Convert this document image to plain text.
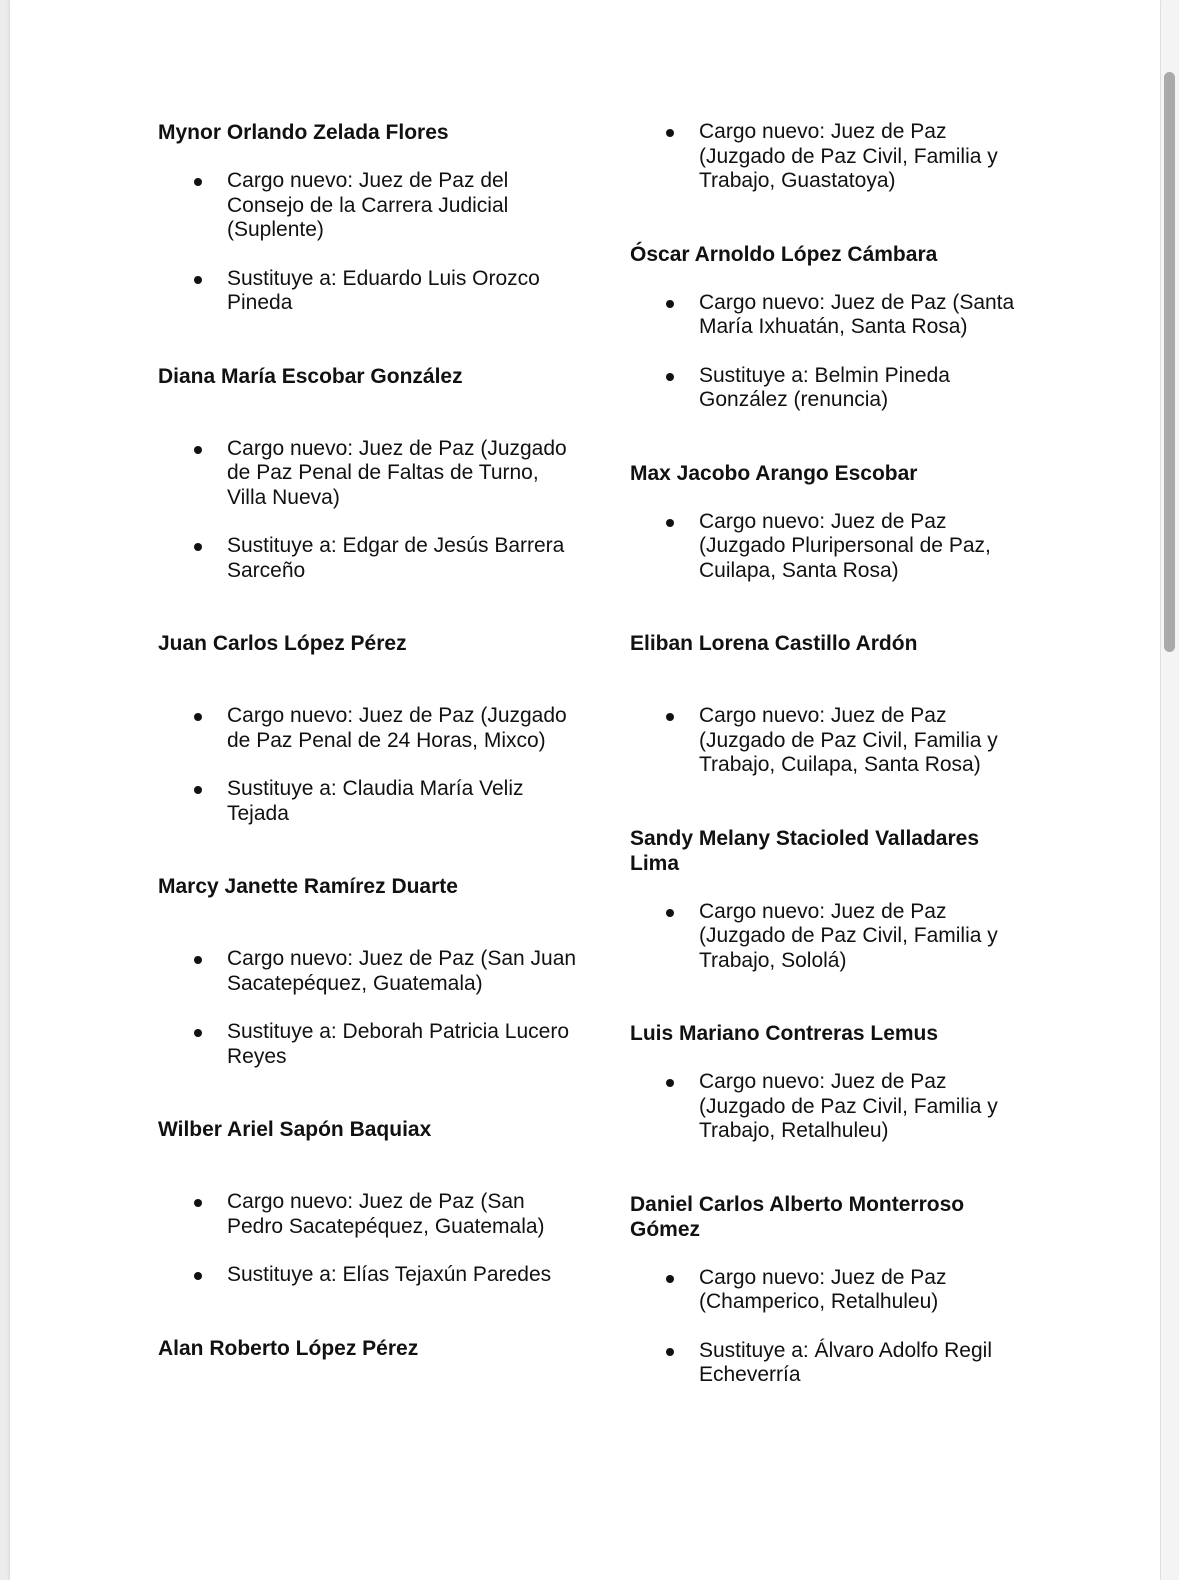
Mynor Orlando Zelada Flores

Cargo nuevo: Juez de Paz del Consejo de la Carrera Judicial (Suplente)
Sustituye a: Eduardo Luis Orozco Pineda

Diana María Escobar González

Cargo nuevo: Juez de Paz (Juzgado de Paz Penal de Faltas de Turno, Villa Nueva)
Sustituye a: Edgar de Jesús Barrera Sarceño

Juan Carlos López Pérez

Cargo nuevo: Juez de Paz (Juzgado de Paz Penal de 24 Horas, Mixco)
Sustituye a: Claudia María Veliz Tejada

Marcy Janette Ramírez Duarte

Cargo nuevo: Juez de Paz (San Juan Sacatepéquez, Guatemala)
Sustituye a: Deborah Patricia Lucero Reyes

Wilber Ariel Sapón Baquiax

Cargo nuevo: Juez de Paz (San Pedro Sacatepéquez, Guatemala)
Sustituye a: Elías Tejaxún Paredes

Alan Roberto López Pérez

Cargo nuevo: Juez de Paz (Juzgado de Paz Civil, Familia y Trabajo, Guastatoya)

Óscar Arnoldo López Cámbara

Cargo nuevo: Juez de Paz (Santa María Ixhuatán, Santa Rosa)
Sustituye a: Belmin Pineda González (renuncia)

Max Jacobo Arango Escobar

Cargo nuevo: Juez de Paz (Juzgado Pluripersonal de Paz, Cuilapa, Santa Rosa)

Eliban Lorena Castillo Ardón

Cargo nuevo: Juez de Paz (Juzgado de Paz Civil, Familia y Trabajo, Cuilapa, Santa Rosa)

Sandy Melany Stacioled Valladares Lima

Cargo nuevo: Juez de Paz (Juzgado de Paz Civil, Familia y Trabajo, Sololá)

Luis Mariano Contreras Lemus

Cargo nuevo: Juez de Paz (Juzgado de Paz Civil, Familia y Trabajo, Retalhuleu)

Daniel Carlos Alberto Monterroso Gómez

Cargo nuevo: Juez de Paz (Champerico, Retalhuleu)
Sustituye a: Álvaro Adolfo Regil Echeverría
